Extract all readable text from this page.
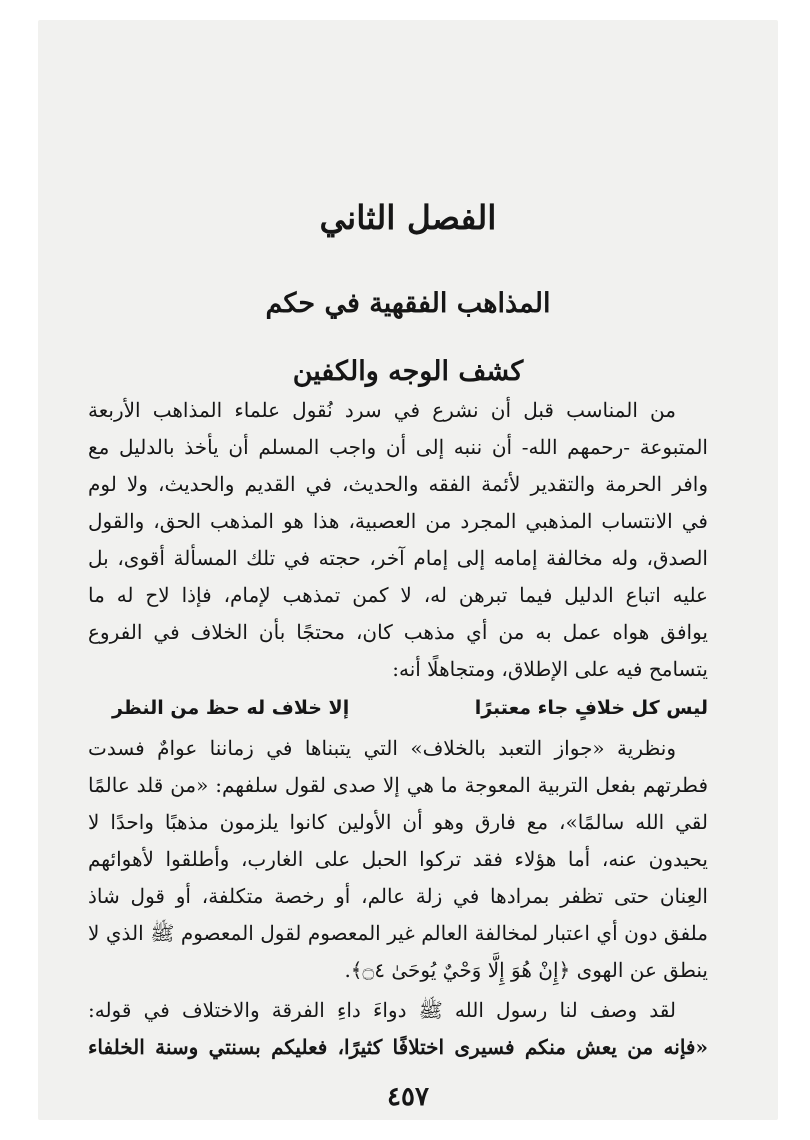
الفصل الثاني
المذاهب الفقهية في حكم
كشف الوجه والكفين
من المناسب قبل أن نشرع في سرد نُقول علماء المذاهب الأربعة
المتبوعة -رحمهم الله- أن ننبه إلى أن واجب المسلم أن يأخذ بالدليل مع
وافر الحرمة والتقدير لأئمة الفقه والحديث، في القديم والحديث، ولا لوم
في الانتساب المذهبي المجرد من العصبية، هذا هو المذهب الحق، والقول
الصدق، وله مخالفة إمامه إلى إمام آخر، حجته في تلك المسألة أقوى، بل
عليه اتباع الدليل فيما تبرهن له، لا كمن تمذهب لإمام، فإذا لاح له ما
يوافق هواه عمل به من أي مذهب كان، محتجًا بأن الخلاف في الفروع
يتسامح فيه على الإطلاق، ومتجاهلًا أنه:
ليس كل خلافٍ جاء معتبرًا
إلا خلاف له حظ من النظر
ونظرية «جواز التعبد بالخلاف» التي يتبناها في زماننا عوامٌ فسدت
فطرتهم بفعل التربية المعوجة ما هي إلا صدى لقول سلفهم: «من قلد عالمًا
لقي الله سالمًا»، مع فارق وهو أن الأولين كانوا يلزمون مذهبًا واحدًا لا
يحيدون عنه، أما هؤلاء فقد تركوا الحبل على الغارب، وأطلقوا لأهوائهم
العِنان حتى تظفر بمرادها في زلة عالم، أو رخصة متكلفة، أو قول شاذ
ملفق دون أي اعتبار لمخالفة العالم غير المعصوم لقول المعصوم ﷺ الذي لا
ينطق عن الهوى ﴿إِنْ هُوَ إِلَّا وَحْيٌ يُوحَىٰ ۝٤﴾.
لقد وصف لنا رسول الله ﷺ دواءَ داءِ الفرقة والاختلاف في قوله:
«فإنه من يعش منكم فسيرى اختلافًا كثيرًا، فعليكم بسنتي وسنة الخلفاء
٤٥٧
